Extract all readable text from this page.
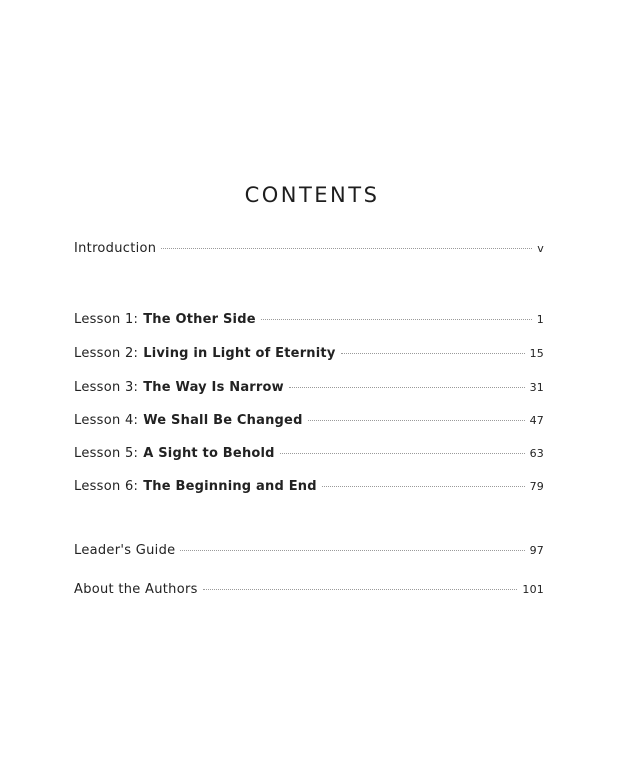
CONTENTS
Introduction	v
Lesson 1: The Other Side	1
Lesson 2: Living in Light of Eternity	15
Lesson 3: The Way Is Narrow	31
Lesson 4: We Shall Be Changed	47
Lesson 5: A Sight to Behold	63
Lesson 6: The Beginning and End	79
Leader's Guide	97
About the Authors	101
